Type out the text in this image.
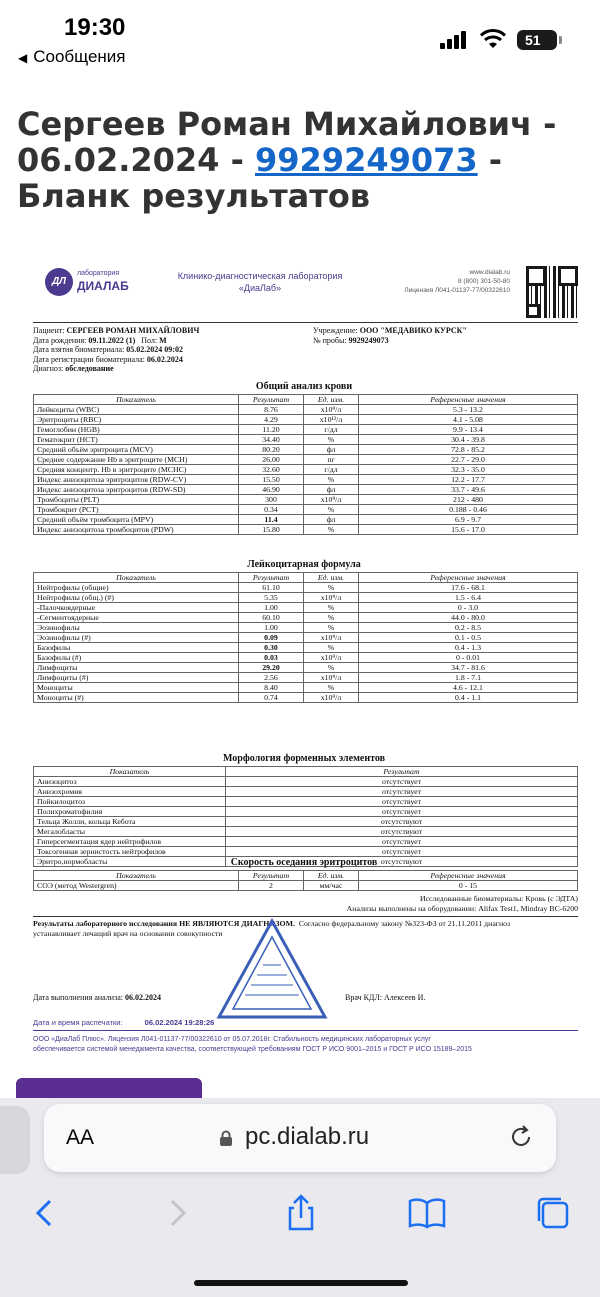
19:30
◀ Сообщения
51
Сергеев Роман Михайлович - 06.02.2024 - 9929249073 - Бланк результатов
ДЛ
лаборатория
ДИАЛАБ
Клинико-диагностическая лаборатория
«ДиаЛаб»
www.dialab.ru
8 (800) 301-50-80
Лицензия Л041-01137-77/00322610
Пациент: СЕРГЕЕВ РОМАН МИХАЙЛОВИЧ
Дата рождения: 09.11.2022 (1) Пол: М
Дата взятия биоматериала: 05.02.2024 09:02
Дата регистрации биоматериала: 06.02.2024
Диагноз: обследование
Учреждение: ООО "МЕДАВИКО КУРСК"
№ пробы: 9929249073
Общий анализ крови
Показатель	Результат	Ед. изм.	Референсные значения
Лейкоциты (WBC)	8.76	x10⁹/л	5.3 - 13.2
Эритроциты (RBC)	4.29	x10¹²/л	4.1 - 5.08
Гемоглобин (HGB)	11.20	г/дл	9.9 - 13.4
Гематокрит (HCT)	34.40	%	30.4 - 39.8
Средний объём эритроцита (MCV)	80.20	фл	72.8 - 85.2
Среднее содержание Hb в эритроците (MCH)	26.00	пг	22.7 - 29.0
Средняя концентр. Hb в эритроците (MCHC)	32.60	г/дл	32.3 - 35.0
Индекс анизоцитоза эритроцитов (RDW-CV)	15.50	%	12.2 - 17.7
Индекс анизоцитоза эритроцитов (RDW-SD)	46.90	фл	33.7 - 49.6
Тромбоциты (PLT)	300	x10⁹/л	212 - 480
Тромбокрит (PCT)	0.34	%	0.188 - 0.46
Средний объём тромбоцита (MPV)	11.4	фл	6.9 - 9.7
Индекс анизоцитоза тромбоцитов (PDW)	15.80	%	15.6 - 17.0
Лейкоцитарная формула
Показатель	Результат	Ед. изм.	Референсные значения
Нейтрофилы (общие)	61.10	%	17.6 - 68.1
Нейтрофилы (общ.) (#)	5.35	x10⁹/л	1.5 - 6.4
-Палочкоядерные	1.00	%	0 - 3.0
-Сегментоядерные	60.10	%	44.0 - 80.0
Эозинофилы	1.00	%	0.2 - 8.5
Эозинофилы (#)	0.09	x10⁹/л	0.1 - 0.5
Базофилы	0.30	%	0.4 - 1.3
Базофилы (#)	0.03	x10⁹/л	0 - 0.01
Лимфоциты	29.20	%	34.7 - 81.6
Лимфоциты (#)	2.56	x10⁹/л	1.8 - 7.1
Моноциты	8.40	%	4.6 - 12.1
Моноциты (#)	0.74	x10⁹/л	0.4 - 1.1
Морфология форменных элементов
Показатель	Результат
Анизоцитоз	отсутствует
Анизохромия	отсутствует
Пойкилоцитоз	отсутствует
Полихроматофилия	отсутствует
Тельца Жолли, кольца Кебота	отсутствуют
Мегалобласты	отсутствуют
Гиперсегментация ядер нейтрофилов	отсутствует
Токсогенная зернистость нейтрофилов	отсутствует
Эритро,нормобласты	отсутствуют
Скорость оседания эритроцитов
Показатель	Результат	Ед. изм.	Референсные значения
СОЭ (метод Westergren)	2	мм/час	0 - 15
Исследованные биоматериалы: Кровь (с ЭДТА)
Анализы выполнены на оборудовании: Alifax Test1, Mindray BC-6200
Результаты лабораторного исследования НЕ ЯВЛЯЮТСЯ ДИАГНОЗОМ. Согласно федеральному закону №323-ФЗ от 21.11.2011 диагноз
устанавливает лечащий врач на основании совокупности
Дата выполнения анализа: 06.02.2024	Врач КДЛ: Алексеев И.
Дата и время распечатки:	06.02.2024 19:28:26
ООО «ДиаЛаб Плюс». Лицензия Л041-01137-77/00322610 от 05.07.2018г. Стабильность медицинских лабораторных услуг
обеспечивается системой менеджмента качества, соответствующей требованиям ГОСТ Р ИСО 9001–2015 и ГОСТ Р ИСО 15189–2015
AA	pc.dialab.ru
